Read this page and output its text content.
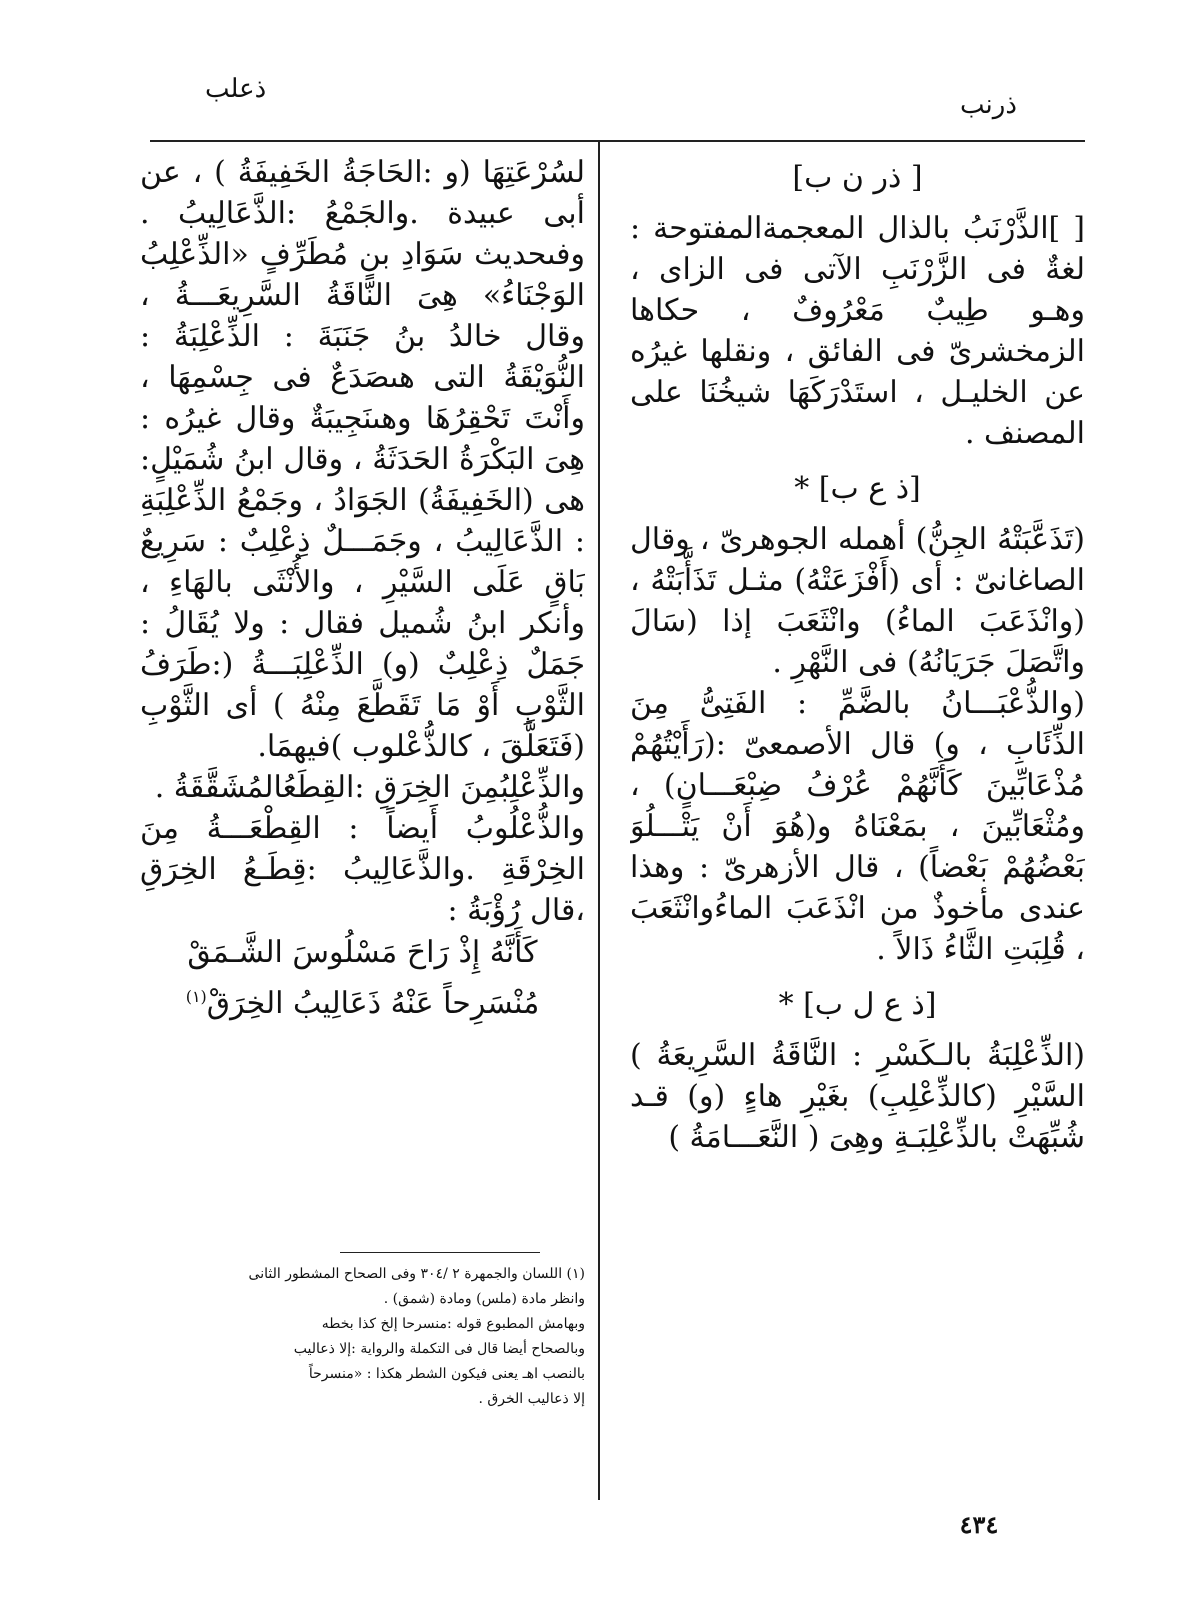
ذعلب
ذرنب

[ ذر ن ب]

[ ]الذَّرْنَبُ بالذال المعجمةالمفتوحة : لغةٌ فى الزَّرْنَبِ الآتى فى الزاى ، وهـو طِيبٌ مَعْرُوفٌ ، حكاها الزمخشرىّ فى الفائق ، ونقلها غيرُه عن الخليـل ، استَدْرَكَهَا شيخُنَا على المصنف .

[ذ ع ب] *

(تَذَعَّبَتْهُ الجِنُّ) أهمله الجوهرىّ ، وقال الصاغانىّ : أى (أَفْزَعَتْهُ) مثـل تَذَأَّبَتْهُ ،(وانْذَعَبَ الماءُ) وانْثَعَبَ إذا (سَالَ واتَّصَلَ جَرَيَانُهُ) فى النَّهْرِ .

(والذُّعْبَـــانُ بالضَّمِّ : الفَتِىُّ مِنَ الذِّئَابِ ، و) قال الأصمعىّ :(رَأَيْتُهُمْ مُذْعَابِّينَ كَأَنَّهُمْ عُرْفُ ضِبْعَـــانٍ) ، ومُثْعَابِّينَ ، بمَعْنَاهُ و(هُوَ أَنْ يَتْـــلُوَ بَعْضُهُمْ بَعْضاً) ، قال الأزهرىّ : وهذا عندى مأخوذٌ من انْذَعَبَ الماءُوانْثَعَبَ ، قُلِبَتِ الثَّاءُ ذَالاً .

[ذ ع ل ب] *

(الذِّعْلِبَةُ بالـكَسْرِ : النَّاقَةُ السَّرِيعَةُ ) السَّيْرِ (كالذِّعْلِبِ) بغَيْرِ هاءٍ (و) قـد شُبِّهَتْ بالذِّعْلِبَـةِ وهِىَ ( النَّعَـــامَةُ )

لسُرْعَتِهَا (و :الحَاجَةُ الخَفِيفَةُ ) ، عن أبى عبيدة .والجَمْعُ :الذَّعَالِيبُ . وفىحديث سَوَادِ بنِ مُطَرِّفٍ «الذِّعْلِبُ الوَجْنَاءُ» هِىَ النَّاقَةُ السَّرِيعَـــةُ ، وقال خالدُ بنُ جَنَبَةَ : الذِّعْلِبَةُ : النُّوَيْقَةُ التى هىصَدَعٌ فى جِسْمِهَا ، وأَنْتَ تَحْقِرُهَا وهىنَجِيبَةٌ وقال غيرُه : هِىَ البَكْرَةُ الحَدَثَةُ ، وقال ابنُ شُمَيْلٍ: هى (الخَفِيفَةُ) الجَوَادُ ، وجَمْعُ الذِّعْلِبَةِ : الذَّعَالِيبُ ، وجَمَـــلٌ ذِعْلِبٌ : سَرِيعٌ بَاقٍ عَلَى السَّيْرِ ، والأُنْثَى بالهَاءِ ، وأنكر ابنُ شُميل فقال : ولا يُقَالُ : جَمَلٌ ذِعْلِبٌ (و) الذِّعْلِبَـــةُ (:طَرَفُ الثَّوْبِ أَوْ مَا تَقَطَّعَ مِنْهُ ) أى الثَّوْبِ (فَتَعَلَّقَ ، كالذُّعْلوب )فيهمَا.

والذِّعْلِبُمِنَ الخِرَقِ :القِطَعُالمُشَقَّقَةُ .

والذُّعْلُوبُ أَيضاً : القِطْعَـــةُ مِنَ الخِرْقَةِ .والذَّعَالِيبُ :قِطَـعُ الخِرَقِ ،قال رُؤْبَةُ :

كَأَنَّهُ إِذْ رَاحَ مَسْلُوسَ الشَّـمَقْ

مُنْسَرِحاً عَنْهُ ذَعَالِيبُ الخِرَقْ$^{(١)}$

(١) اللسان والجمهرة ٢ /٣٠٤ وفى الصحاح المشطور الثانى

وانظر مادة (ملس) ومادة (شمق) .

وبهامش المطبوع قوله :منسرحا إلخ كذا بخطه

وبالصحاح أيضا قال فى التكملة والرواية :إلا ذعاليب

بالنصب اهـ يعنى فيكون الشطر هكذا : «منسرحاً

إلا ذعاليب الخرق .

٤٣٤
